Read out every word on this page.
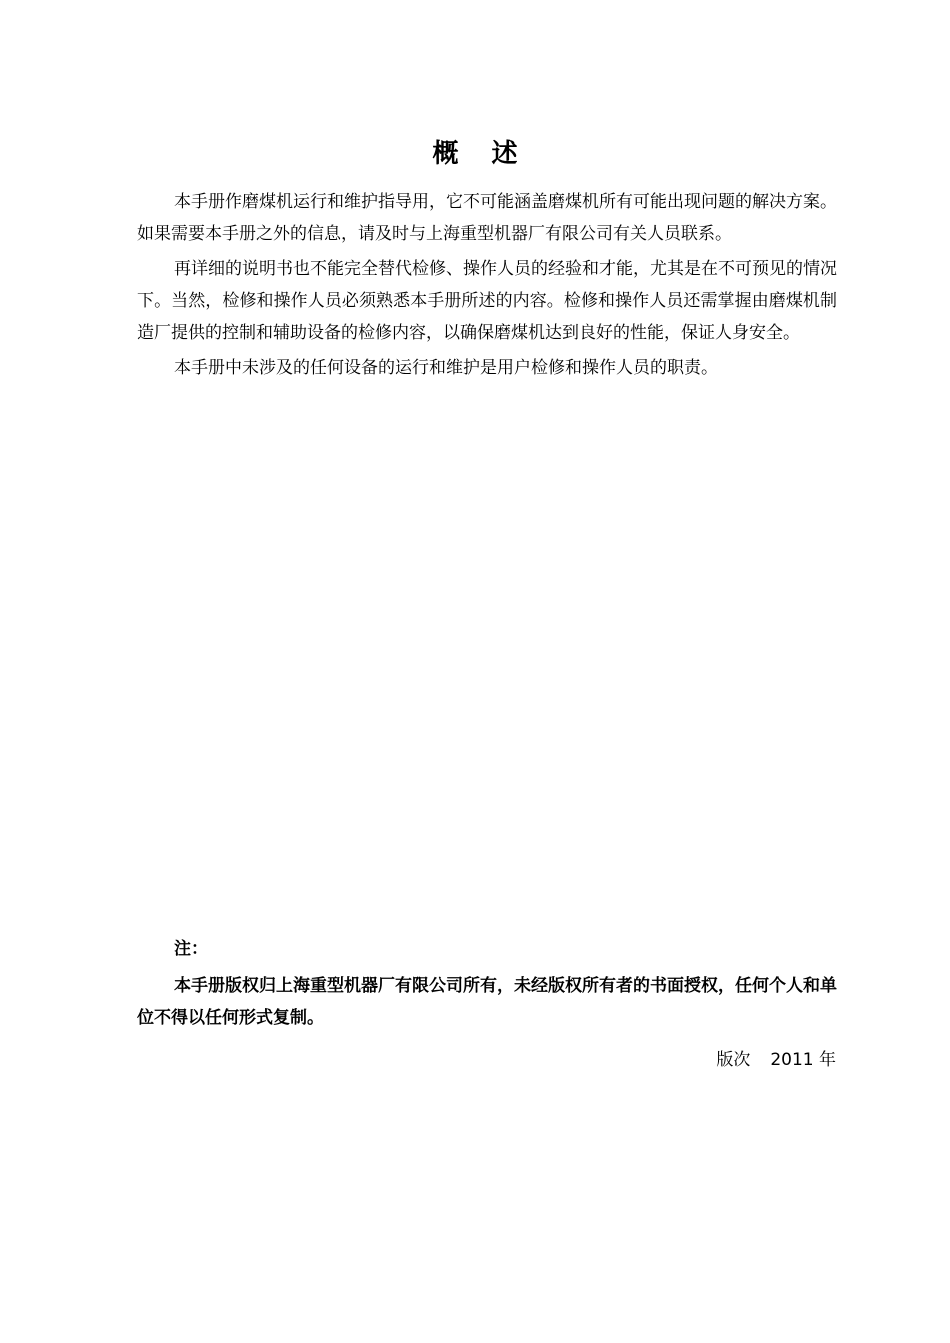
概 述

本手册作磨煤机运行和维护指导用，它不可能涵盖磨煤机所有可能出现问题的解决方案。如果需要本手册之外的信息，请及时与上海重型机器厂有限公司有关人员联系。

再详细的说明书也不能完全替代检修、操作人员的经验和才能，尤其是在不可预见的情况下。当然，检修和操作人员必须熟悉本手册所述的内容。检修和操作人员还需掌握由磨煤机制造厂提供的控制和辅助设备的检修内容，以确保磨煤机达到良好的性能，保证人身安全。

本手册中未涉及的任何设备的运行和维护是用户检修和操作人员的职责。

注：

本手册版权归上海重型机器厂有限公司所有，未经版权所有者的书面授权，任何个人和单位不得以任何形式复制。

版次 2011 年
